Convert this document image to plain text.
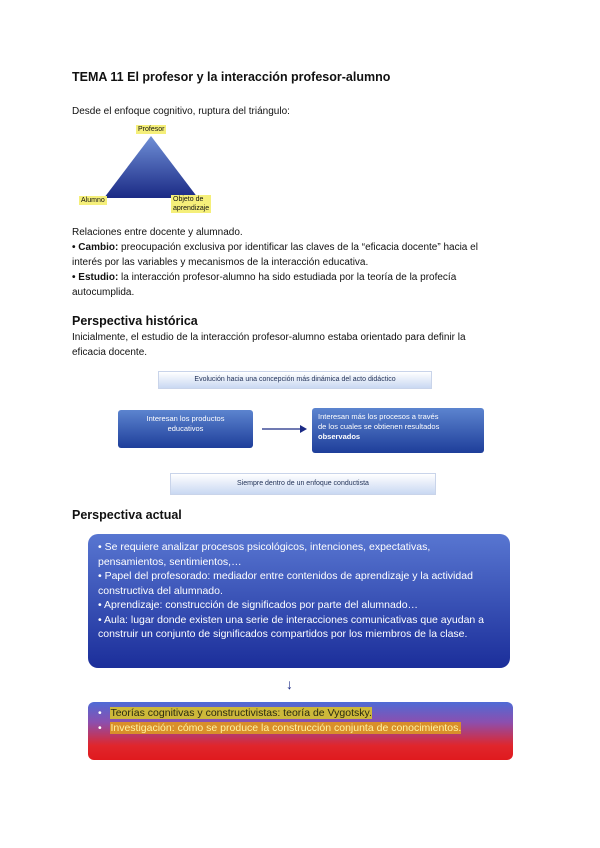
TEMA 11 El profesor y la interacción profesor-alumno
Desde el enfoque cognitivo, ruptura del triángulo:
Profesor
Alumno	Objeto de
aprendizaje
Relaciones entre docente y alumnado.
• Cambio: preocupación exclusiva por identificar las claves de la “eficacia docente” hacia el
interés por las variables y mecanismos de la interacción educativa.
• Estudio: la interacción profesor-alumno ha sido estudiada por la teoría de la profecía
autocumplida.
Perspectiva histórica
Inicialmente, el estudio de la interacción profesor-alumno estaba orientado para definir la
eficacia docente.
Evolución hacia una concepción más dinámica del acto didáctico
Interesan los productos
educativos
Interesan más los procesos a través
de los cuales se obtienen resultados
observados
Siempre dentro de un enfoque conductista
Perspectiva actual
• Se requiere analizar procesos psicológicos, intenciones, expectativas, pensamientos, sentimientos,…
• Papel del profesorado: mediador entre contenidos de aprendizaje y la actividad constructiva del alumnado.
• Aprendizaje: construcción de significados por parte del alumnado…
• Aula: lugar donde existen una serie de interacciones comunicativas que ayudan a construir un conjunto de significados compartidos por los miembros de la clase.
↓
• Teorías cognitivas y constructivistas: teoría de Vygotsky.
• Investigación: cómo se produce la construcción conjunta de conocimientos.
